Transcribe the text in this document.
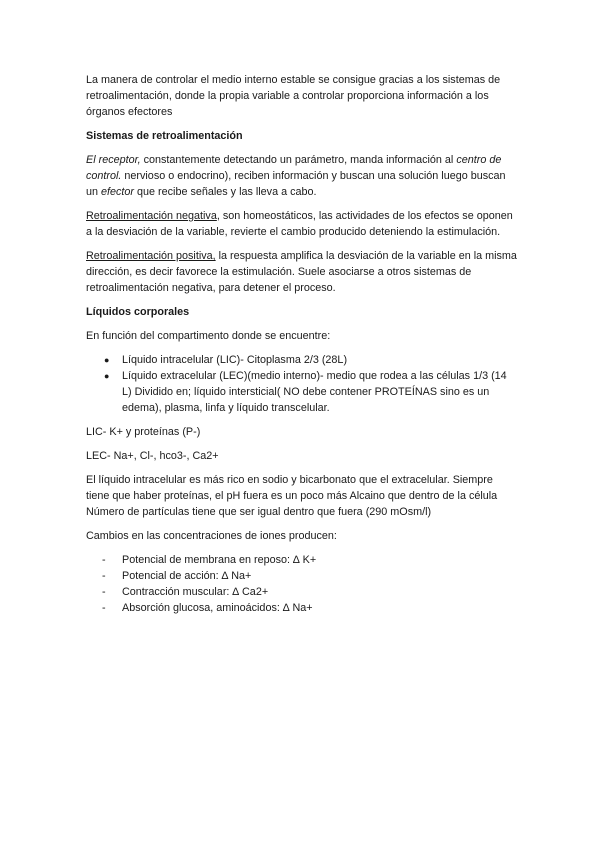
La manera de controlar el medio interno estable se consigue gracias a los sistemas de retroalimentación, donde la propia variable a controlar proporciona información a los órganos efectores

Sistemas de retroalimentación

El receptor, constantemente detectando un parámetro, manda información al centro de control. nervioso o endocrino), reciben información y buscan una solución luego buscan un efector que recibe señales y las lleva a cabo.

Retroalimentación negativa, son homeostáticos, las actividades de los efectos se oponen a la desviación de la variable, revierte el cambio producido deteniendo la estimulación.

Retroalimentación positiva, la respuesta amplifica la desviación de la variable en la misma dirección, es decir favorece la estimulación. Suele asociarse a otros sistemas de retroalimentación negativa, para detener el proceso.

Líquidos corporales

En función del compartimento donde se encuentre:

● Líquido intracelular (LIC)- Citoplasma 2/3 (28L)
● Líquido extracelular (LEC)(medio interno)- medio que rodea a las células 1/3 (14 L) Dividido en; líquido intersticial( NO debe contener PROTEÍNAS sino es un edema), plasma, linfa y líquido transcelular.

LIC- K+ y proteínas (P-)

LEC- Na+, Cl-, hco3-, Ca2+

El líquido intracelular es más rico en sodio y bicarbonato que el extracelular. Siempre tiene que haber proteínas, el pH fuera es un poco más Alcaino que dentro de la célula Número de partículas tiene que ser igual dentro que fuera (290 mOsm/l)

Cambios en las concentraciones de iones producen:

- Potencial de membrana en reposo: ∆ K+
- Potencial de acción: ∆ Na+
- Contracción muscular: ∆ Ca2+
- Absorción glucosa, aminoácidos: ∆ Na+
